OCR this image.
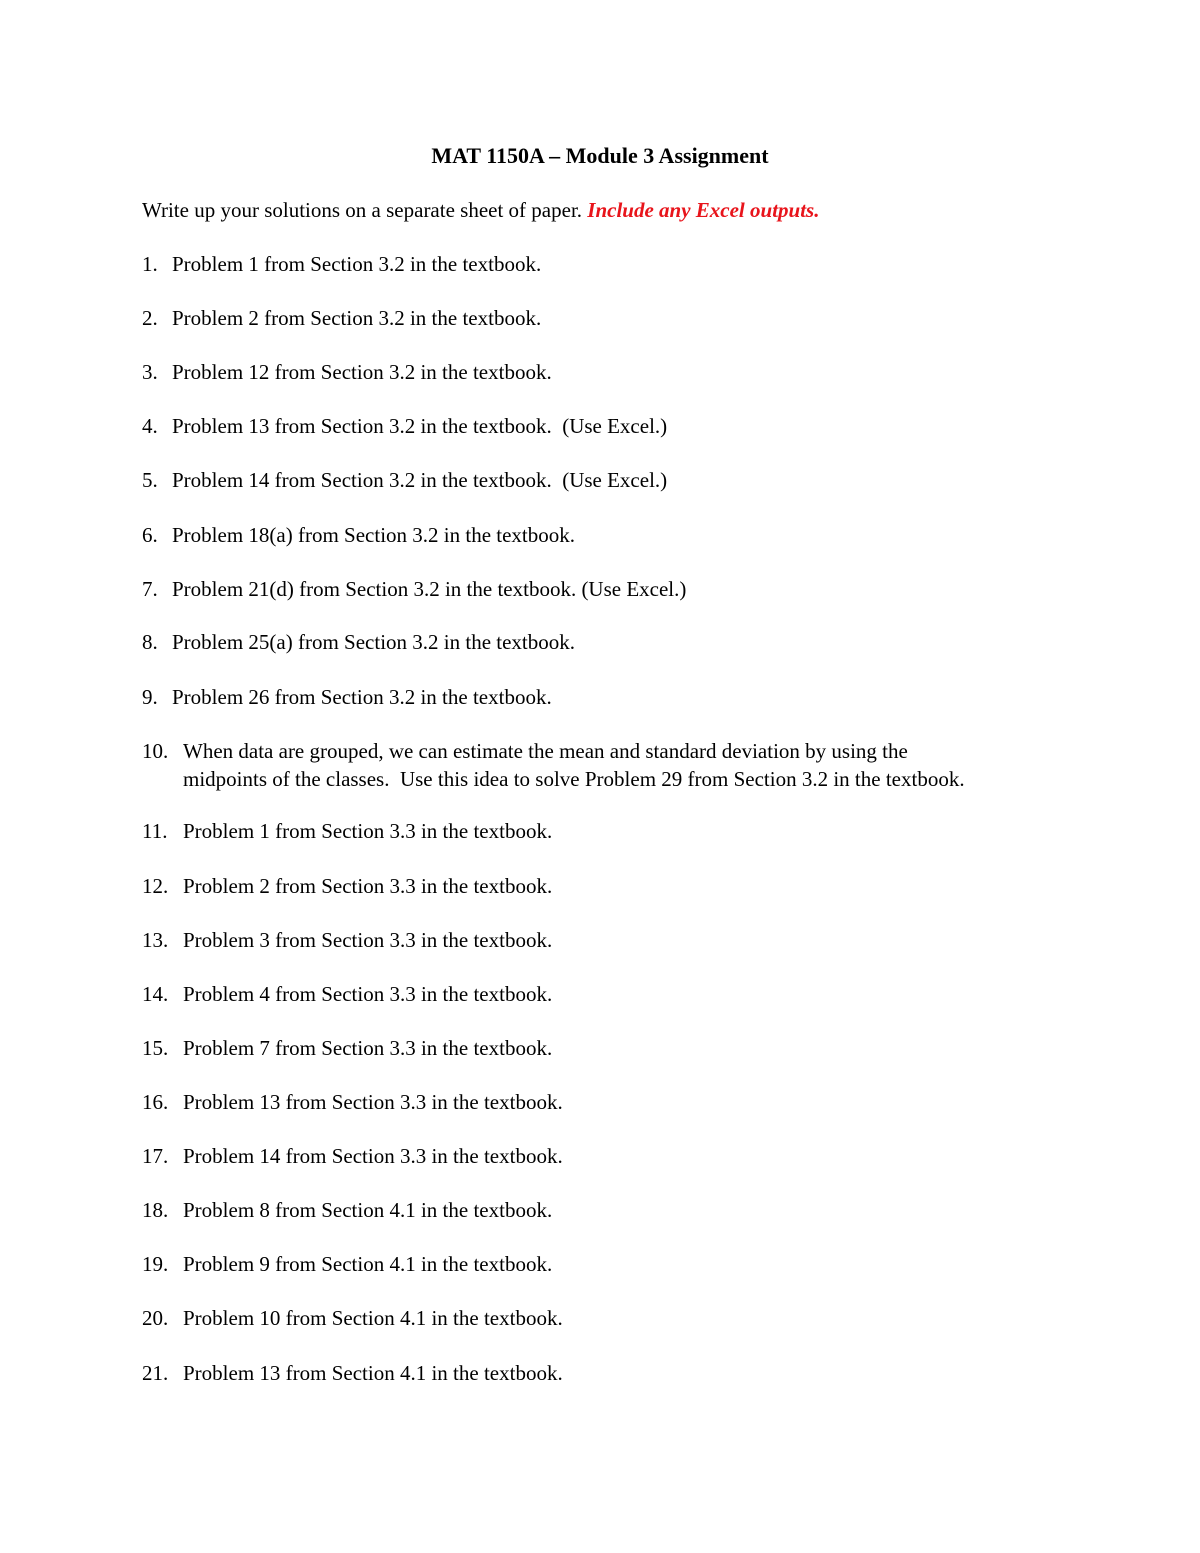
MAT 1150A – Module 3 Assignment

Write up your solutions on a separate sheet of paper. Include any Excel outputs.

1. Problem 1 from Section 3.2 in the textbook.
2. Problem 2 from Section 3.2 in the textbook.
3. Problem 12 from Section 3.2 in the textbook.
4. Problem 13 from Section 3.2 in the textbook.  (Use Excel.)
5. Problem 14 from Section 3.2 in the textbook.  (Use Excel.)
6. Problem 18(a) from Section 3.2 in the textbook.
7. Problem 21(d) from Section 3.2 in the textbook. (Use Excel.)
8. Problem 25(a) from Section 3.2 in the textbook.
9. Problem 26 from Section 3.2 in the textbook.
10. When data are grouped, we can estimate the mean and standard deviation by using the
midpoints of the classes.  Use this idea to solve Problem 29 from Section 3.2 in the textbook.
11. Problem 1 from Section 3.3 in the textbook.
12. Problem 2 from Section 3.3 in the textbook.
13. Problem 3 from Section 3.3 in the textbook.
14. Problem 4 from Section 3.3 in the textbook.
15. Problem 7 from Section 3.3 in the textbook.
16. Problem 13 from Section 3.3 in the textbook.
17. Problem 14 from Section 3.3 in the textbook.
18. Problem 8 from Section 4.1 in the textbook.
19. Problem 9 from Section 4.1 in the textbook.
20. Problem 10 from Section 4.1 in the textbook.
21. Problem 13 from Section 4.1 in the textbook.
